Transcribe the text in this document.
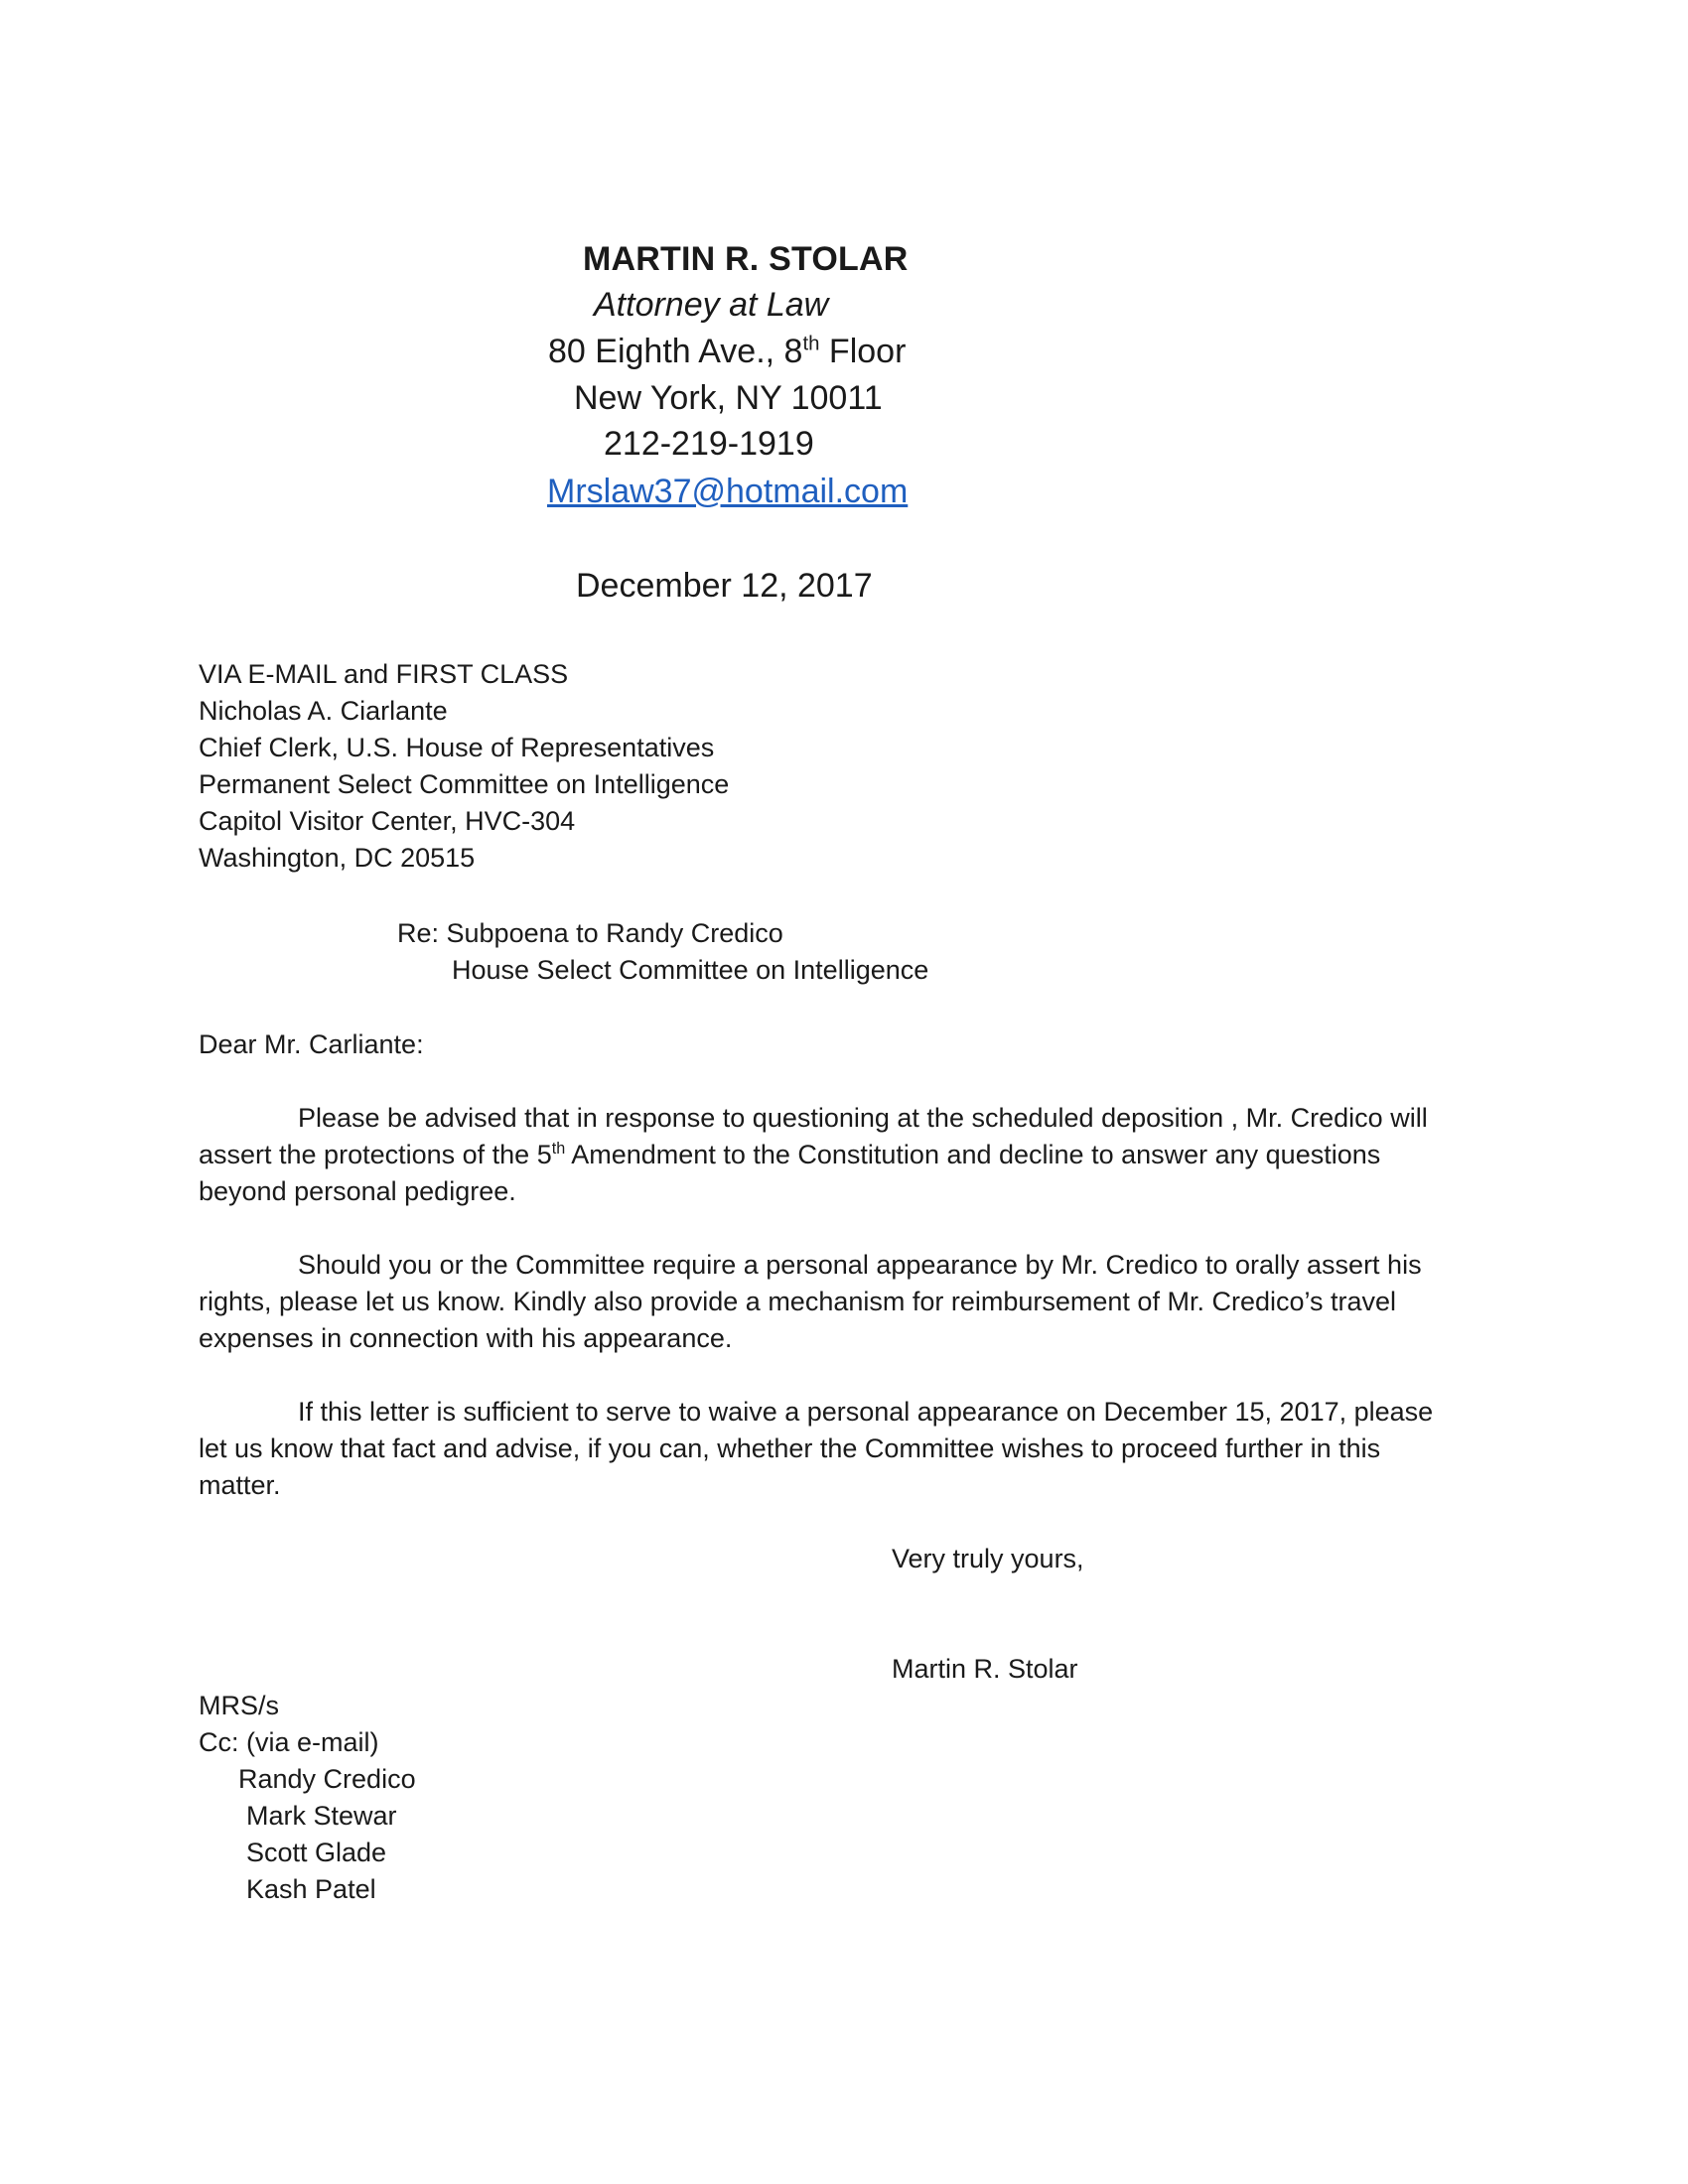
MARTIN R. STOLAR
Attorney at Law
80 Eighth Ave., 8th Floor
New York, NY 10011
212-219-1919
Mrslaw37@hotmail.com
December 12, 2017
VIA E-MAIL and FIRST CLASS
Nicholas A. Ciarlante
Chief Clerk, U.S. House of Representatives
Permanent Select Committee on Intelligence
Capitol Visitor Center, HVC-304
Washington, DC 20515
Re: Subpoena to Randy Credico
House Select Committee on Intelligence
Dear Mr. Carliante:
Please be advised that in response to questioning at the scheduled deposition , Mr. Credico will
assert the protections of the 5th Amendment to the Constitution and decline to answer any questions
beyond personal pedigree.
Should you or the Committee require a personal appearance by Mr. Credico to orally assert his
rights, please let us know. Kindly also provide a mechanism for reimbursement of Mr. Credico’s travel
expenses in connection with his appearance.
If this letter is sufficient to serve to waive a personal appearance on December 15, 2017, please
let us know that fact and advise, if you can, whether the Committee wishes to proceed further in this
matter.
Very truly yours,
Martin R. Stolar
MRS/s
Cc: (via e-mail)
Randy Credico
Mark Stewar
Scott Glade
Kash Patel
